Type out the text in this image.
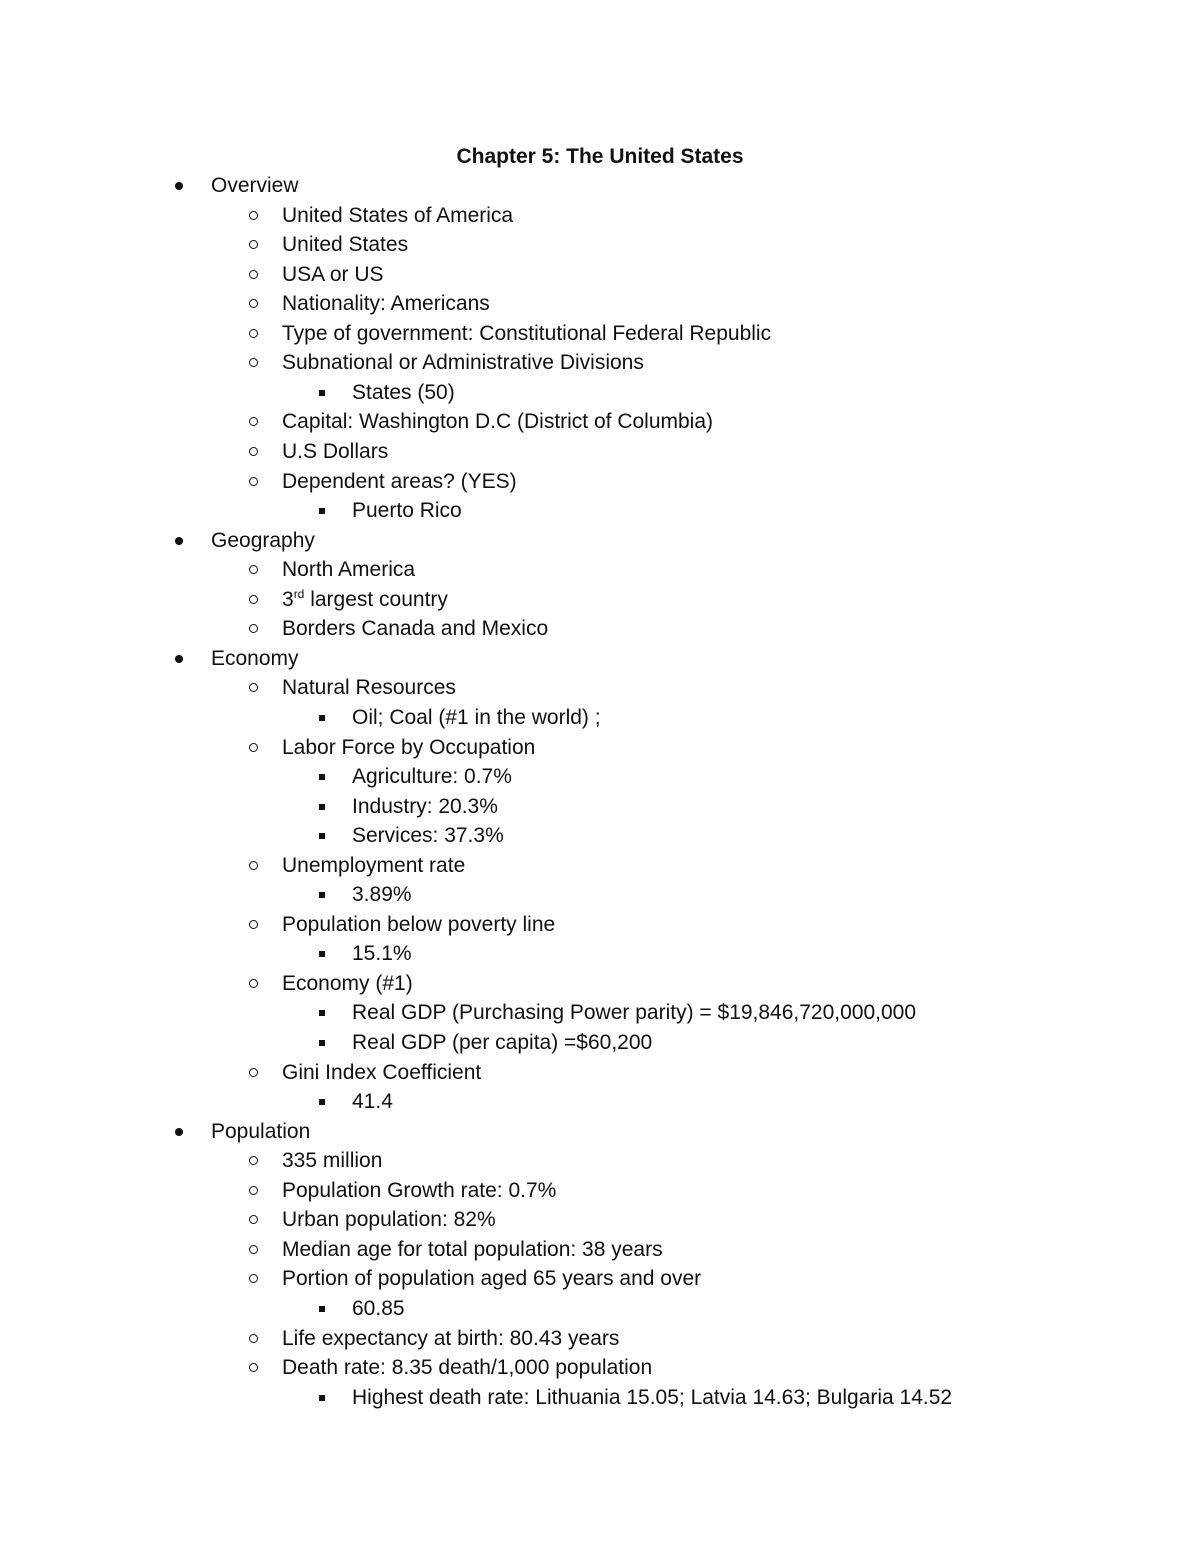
Chapter 5: The United States
Overview
United States of America
United States
USA or US
Nationality: Americans
Type of government: Constitutional Federal Republic
Subnational or Administrative Divisions
States (50)
Capital: Washington D.C (District of Columbia)
U.S Dollars
Dependent areas? (YES)
Puerto Rico
Geography
North America
3rd largest country
Borders Canada and Mexico
Economy
Natural Resources
Oil; Coal (#1 in the world) ;
Labor Force by Occupation
Agriculture: 0.7%
Industry: 20.3%
Services: 37.3%
Unemployment rate
3.89%
Population below poverty line
15.1%
Economy (#1)
Real GDP (Purchasing Power parity) = $19,846,720,000,000
Real GDP (per capita) =$60,200
Gini Index Coefficient
41.4
Population
335 million
Population Growth rate: 0.7%
Urban population: 82%
Median age for total population: 38 years
Portion of population aged 65 years and over
60.85
Life expectancy at birth: 80.43 years
Death rate: 8.35 death/1,000 population
Highest death rate: Lithuania 15.05; Latvia 14.63; Bulgaria 14.52
